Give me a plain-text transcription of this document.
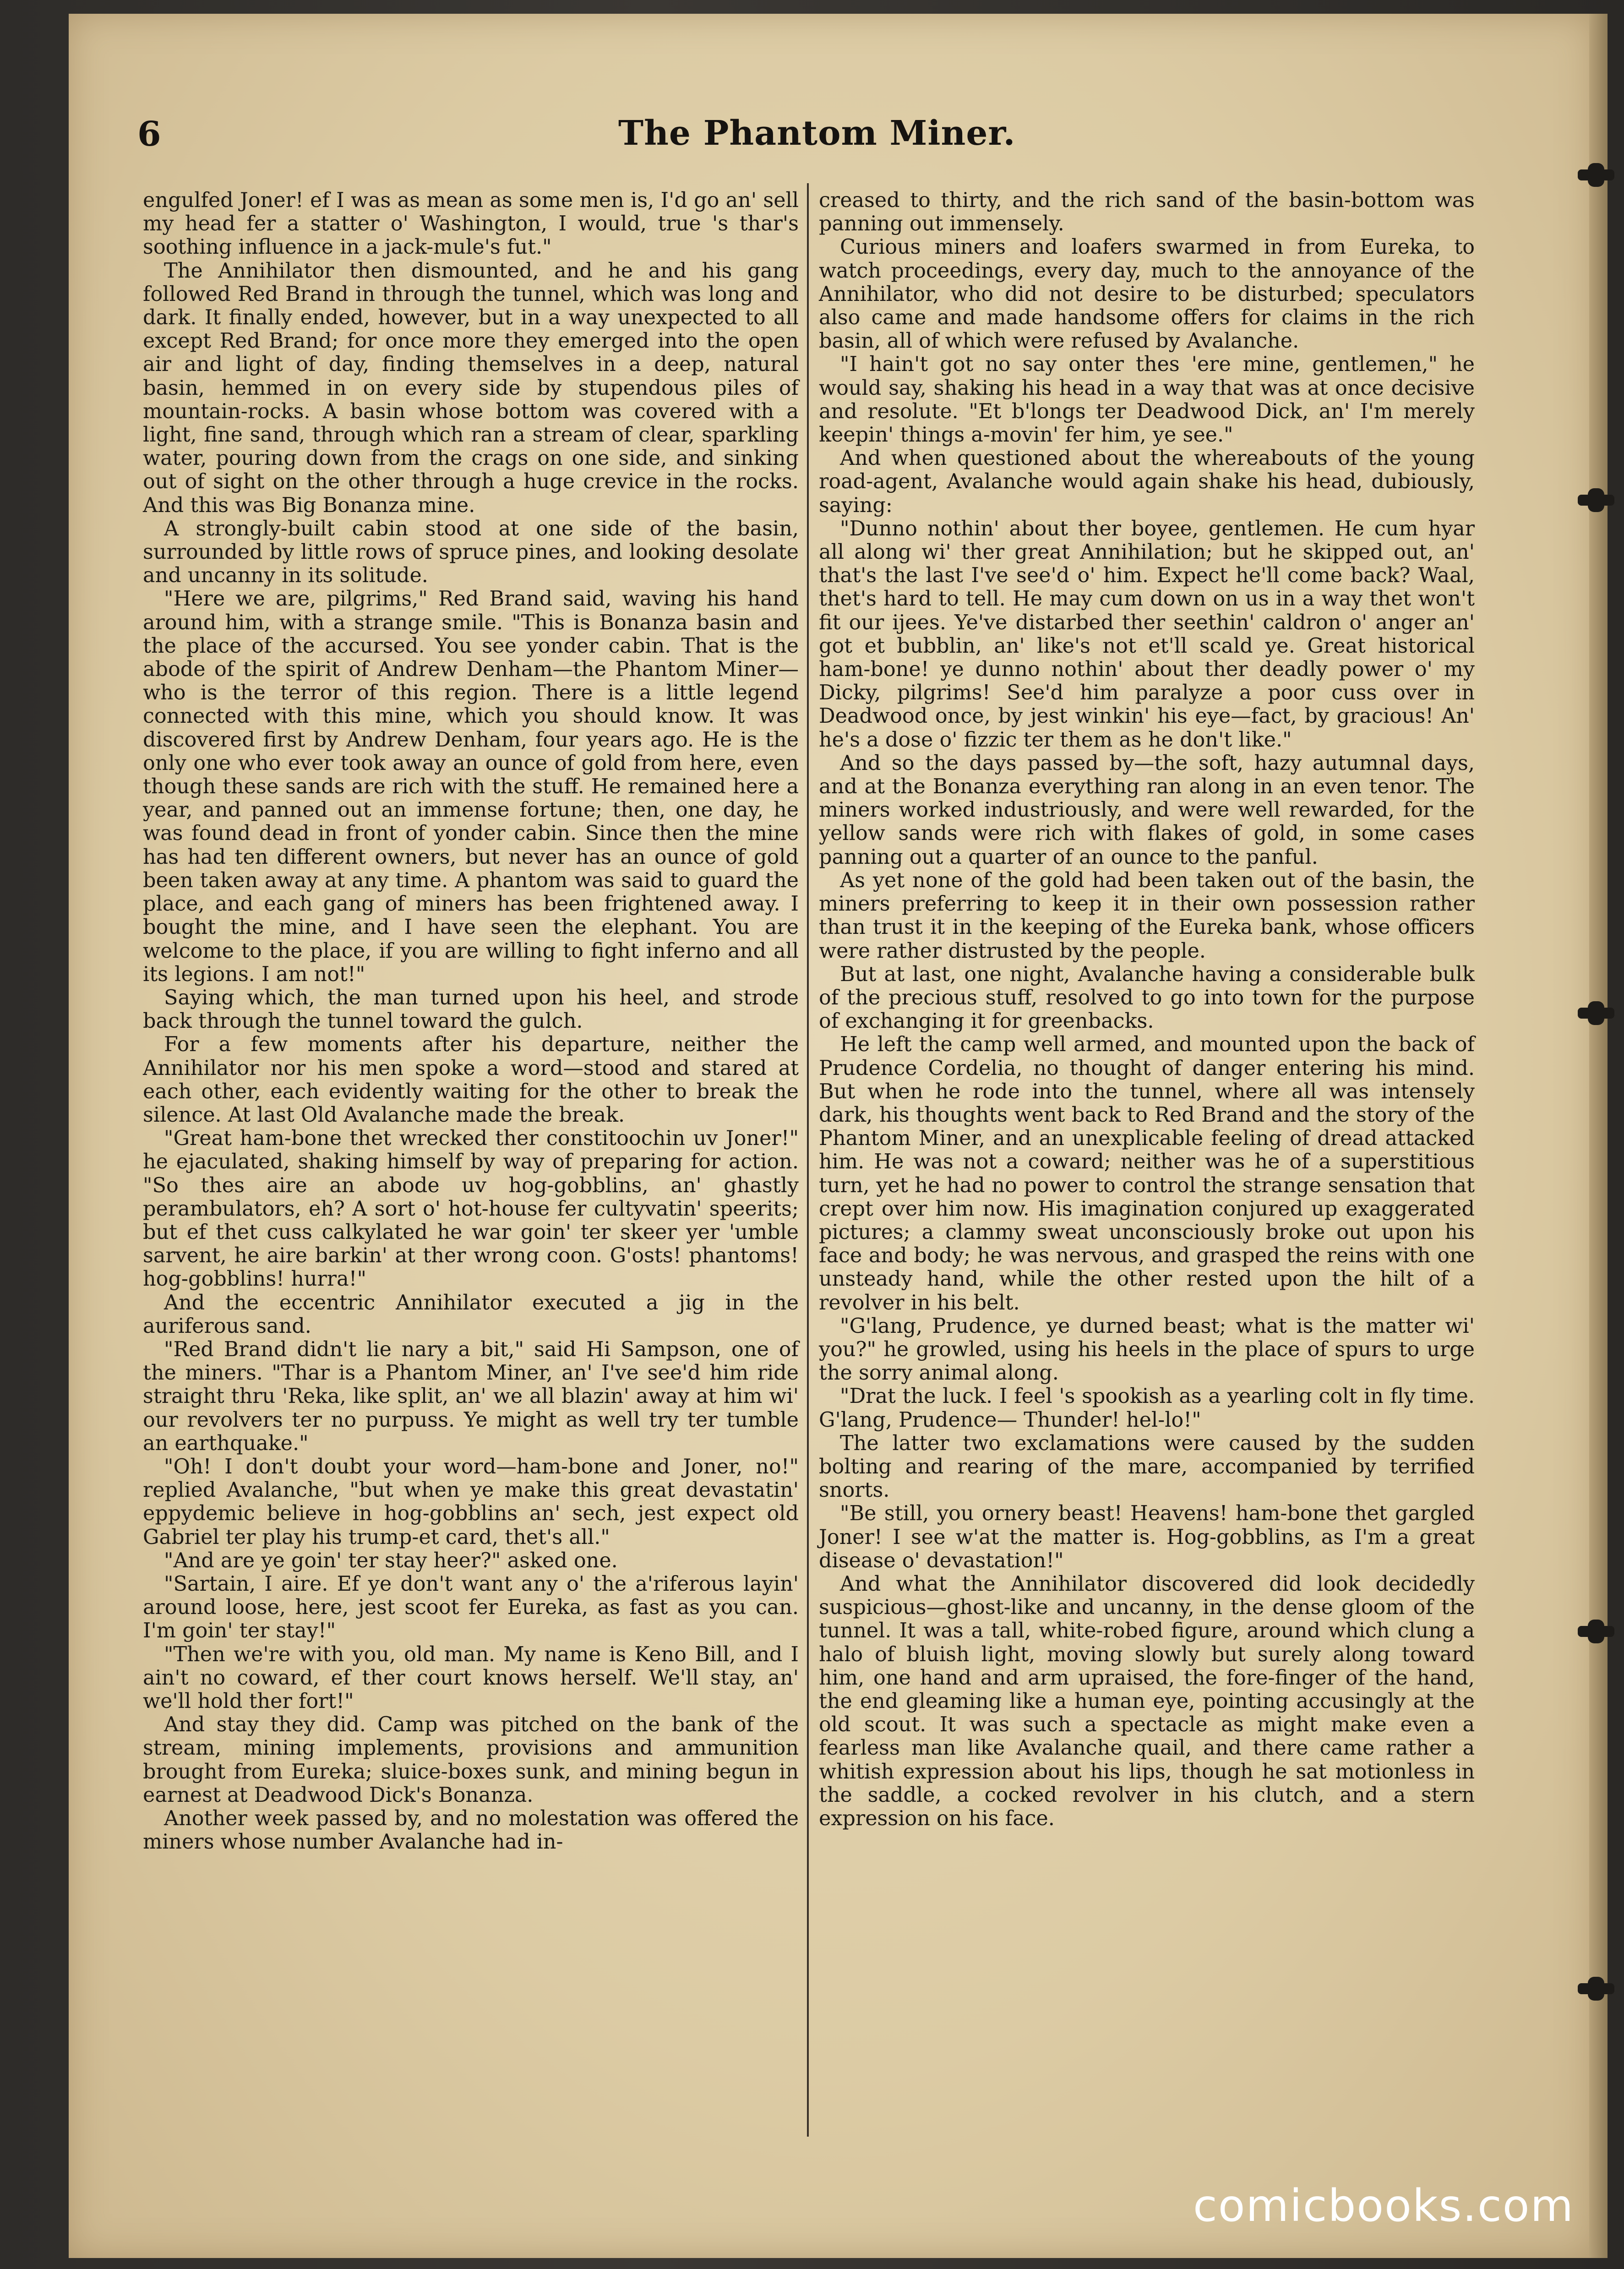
6	The Phantom Miner.

engulfed Joner! ef I was as mean as some men is, I'd go an' sell my head fer a statter o' Washington, I would, true 's thar's soothing influence in a jack-mule's fut."

The Annihilator then dismounted, and he and his gang followed Red Brand in through the tunnel, which was long and dark. It finally ended, however, but in a way unexpected to all except Red Brand; for once more they emerged into the open air and light of day, finding themselves in a deep, natural basin, hemmed in on every side by stupendous piles of mountain-rocks. A basin whose bottom was covered with a light, fine sand, through which ran a stream of clear, sparkling water, pouring down from the crags on one side, and sinking out of sight on the other through a huge crevice in the rocks. And this was Big Bonanza mine.

A strongly-built cabin stood at one side of the basin, surrounded by little rows of spruce pines, and looking desolate and uncanny in its solitude.

"Here we are, pilgrims," Red Brand said, waving his hand around him, with a strange smile. "This is Bonanza basin and the place of the accursed. You see yonder cabin. That is the abode of the spirit of Andrew Denham—the Phantom Miner—who is the terror of this region. There is a little legend connected with this mine, which you should know. It was discovered first by Andrew Denham, four years ago. He is the only one who ever took away an ounce of gold from here, even though these sands are rich with the stuff. He remained here a year, and panned out an immense fortune; then, one day, he was found dead in front of yonder cabin. Since then the mine has had ten different owners, but never has an ounce of gold been taken away at any time. A phantom was said to guard the place, and each gang of miners has been frightened away. I bought the mine, and I have seen the elephant. You are welcome to the place, if you are willing to fight inferno and all its legions. I am not!"

Saying which, the man turned upon his heel, and strode back through the tunnel toward the gulch.

For a few moments after his departure, neither the Annihilator nor his men spoke a word—stood and stared at each other, each evidently waiting for the other to break the silence. At last Old Avalanche made the break.

"Great ham-bone thet wrecked ther constitoochin uv Joner!" he ejaculated, shaking himself by way of preparing for action. "So thes aire an abode uv hog-gobblins, an' ghastly perambulators, eh? A sort o' hot-house fer cultyvatin' speerits; but ef thet cuss calkylated he war goin' ter skeer yer 'umble sarvent, he aire barkin' at ther wrong coon. G'osts! phantoms! hog-gobblins! hurra!"

And the eccentric Annihilator executed a jig in the auriferous sand.

"Red Brand didn't lie nary a bit," said Hi Sampson, one of the miners. "Thar is a Phantom Miner, an' I've see'd him ride straight thru 'Reka, like split, an' we all blazin' away at him wi' our revolvers ter no purpuss. Ye might as well try ter tumble an earthquake."

"Oh! I don't doubt your word—ham-bone and Joner, no!" replied Avalanche, "but when ye make this great devastatin' eppydemic believe in hog-gobblins an' sech, jest expect old Gabriel ter play his trump-et card, thet's all."

"And are ye goin' ter stay heer?" asked one.

"Sartain, I aire. Ef ye don't want any o' the a'riferous layin' around loose, here, jest scoot fer Eureka, as fast as you can. I'm goin' ter stay!"

"Then we're with you, old man. My name is Keno Bill, and I ain't no coward, ef ther court knows herself. We'll stay, an' we'll hold ther fort!"

And stay they did. Camp was pitched on the bank of the stream, mining implements, provisions and ammunition brought from Eureka; sluice-boxes sunk, and mining begun in earnest at Deadwood Dick's Bonanza.

Another week passed by, and no molestation was offered the miners whose number Avalanche had in-

creased to thirty, and the rich sand of the basin-bottom was panning out immensely.

Curious miners and loafers swarmed in from Eureka, to watch proceedings, every day, much to the annoyance of the Annihilator, who did not desire to be disturbed; speculators also came and made handsome offers for claims in the rich basin, all of which were refused by Avalanche.

"I hain't got no say onter thes 'ere mine, gentlemen," he would say, shaking his head in a way that was at once decisive and resolute. "Et b'longs ter Deadwood Dick, an' I'm merely keepin' things a-movin' fer him, ye see."

And when questioned about the whereabouts of the young road-agent, Avalanche would again shake his head, dubiously, saying:

"Dunno nothin' about ther boyee, gentlemen. He cum hyar all along wi' ther great Annihilation; but he skipped out, an' that's the last I've see'd o' him. Expect he'll come back? Waal, thet's hard to tell. He may cum down on us in a way thet won't fit our ijees. Ye've distarbed ther seethin' caldron o' anger an' got et bubblin, an' like's not et'll scald ye. Great historical ham-bone! ye dunno nothin' about ther deadly power o' my Dicky, pilgrims! See'd him paralyze a poor cuss over in Deadwood once, by jest winkin' his eye—fact, by gracious! An' he's a dose o' fizzic ter them as he don't like."

And so the days passed by—the soft, hazy autumnal days, and at the Bonanza everything ran along in an even tenor. The miners worked industriously, and were well rewarded, for the yellow sands were rich with flakes of gold, in some cases panning out a quarter of an ounce to the panful.

As yet none of the gold had been taken out of the basin, the miners preferring to keep it in their own possession rather than trust it in the keeping of the Eureka bank, whose officers were rather distrusted by the people.

But at last, one night, Avalanche having a considerable bulk of the precious stuff, resolved to go into town for the purpose of exchanging it for greenbacks.

He left the camp well armed, and mounted upon the back of Prudence Cordelia, no thought of danger entering his mind. But when he rode into the tunnel, where all was intensely dark, his thoughts went back to Red Brand and the story of the Phantom Miner, and an unexplicable feeling of dread attacked him. He was not a coward; neither was he of a superstitious turn, yet he had no power to control the strange sensation that crept over him now. His imagination conjured up exaggerated pictures; a clammy sweat unconsciously broke out upon his face and body; he was nervous, and grasped the reins with one unsteady hand, while the other rested upon the hilt of a revolver in his belt.

"G'lang, Prudence, ye durned beast; what is the matter wi' you?" he growled, using his heels in the place of spurs to urge the sorry animal along.

"Drat the luck. I feel 's spookish as a yearling colt in fly time. G'lang, Prudence— Thunder! hel-lo!"

The latter two exclamations were caused by the sudden bolting and rearing of the mare, accompanied by terrified snorts.

"Be still, you ornery beast! Heavens! ham-bone thet gargled Joner! I see w'at the matter is. Hog-gobblins, as I'm a great disease o' devastation!"

And what the Annihilator discovered did look decidedly suspicious—ghost-like and uncanny, in the dense gloom of the tunnel. It was a tall, white-robed figure, around which clung a halo of bluish light, moving slowly but surely along toward him, one hand and arm upraised, the fore-finger of the hand, the end gleaming like a human eye, pointing accusingly at the old scout. It was such a spectacle as might make even a fearless man like Avalanche quail, and there came rather a whitish expression about his lips, though he sat motionless in the saddle, a cocked revolver in his clutch, and a stern expression on his face.

comicbooks.com
